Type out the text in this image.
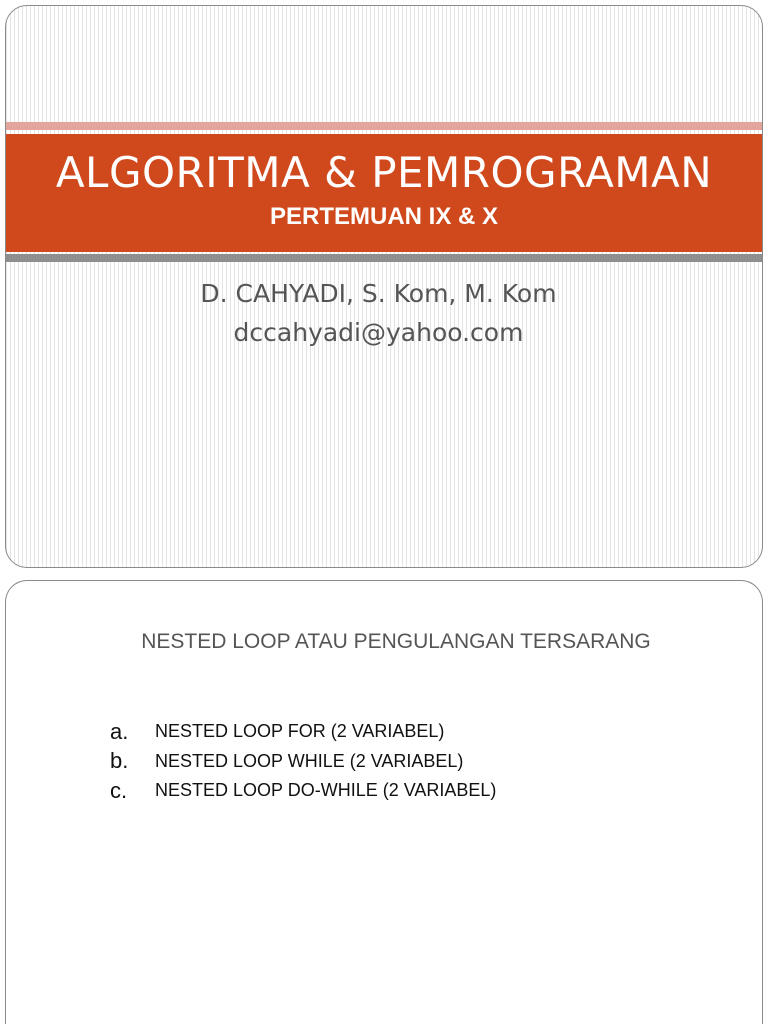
ALGORITMA & PEMROGRAMAN
PERTEMUAN IX & X
D. CAHYADI, S. Kom, M. Kom
dccahyadi@yahoo.com
NESTED LOOP ATAU PENGULANGAN TERSARANG
a.	NESTED LOOP FOR (2 VARIABEL)
b.	NESTED LOOP WHILE (2 VARIABEL)
c.	NESTED LOOP DO-WHILE (2 VARIABEL)
